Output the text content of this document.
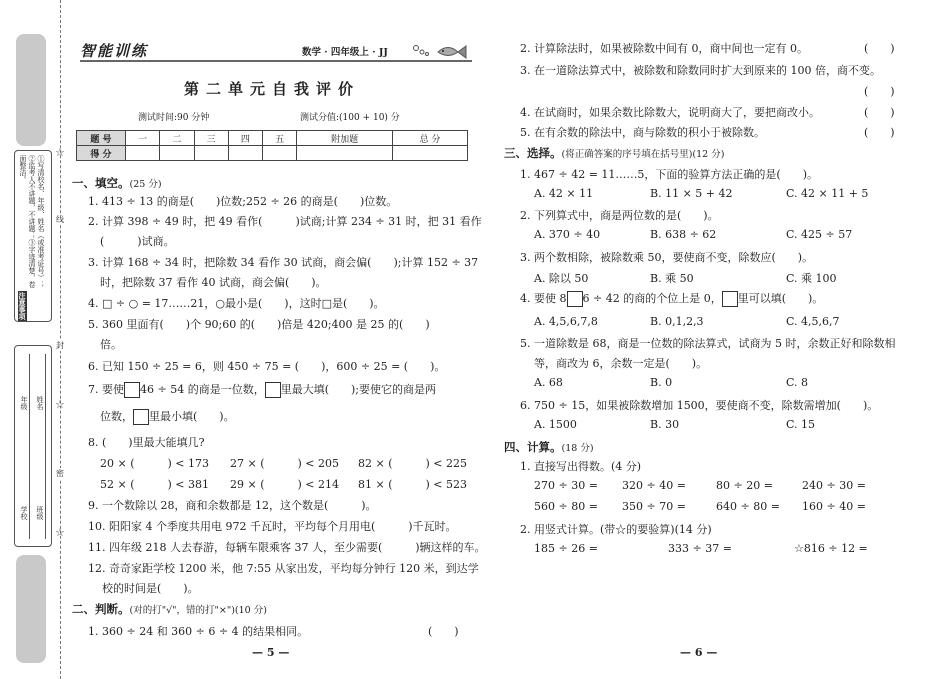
①写清校名、年级、姓名（或准考证号）；②监考人不讲题，不讲题；③字迹清楚，卷面整洁。
注意事项
学校
年级
班级
姓名
☆
☆
☆
线
封
密
智能训练	数学 · 四年级上 · JJ
第二单元自我评价
测试时间:90 分钟	测试分值:(100 + 10) 分
题 号	一	二	三	四	五	附加题	总 分
得 分							
一、填空。(25 分)
1. 413 ÷ 13 的商是(　　)位数;252 ÷ 26 的商是(　　)位数。
2. 计算 398 ÷ 49 时，把 49 看作(　　　)试商;计算 234 ÷ 31 时，把 31 看作
(　　　)试商。
3. 计算 168 ÷ 34 时，把除数 34 看作 30 试商，商会偏(　　);计算 152 ÷ 37
时，把除数 37 看作 40 试商，商会偏(　　)。
4. □ ÷ ○ = 17……21，○最小是(　　)，这时□是(　　)。
5. 360 里面有(　　)个 90;60 的(　　)倍是 420;400 是 25 的(　　)
倍。
6. 已知 150 ÷ 25 = 6，则 450 ÷ 75 = (　　)，600 ÷ 25 = (　　)。
7. 要使 46 ÷ 54 的商是一位数， 里最大填(　　);要使它的商是两
位数， 里最小填(　　)。
8. (　　)里最大能填几?
20 × (　　　) < 173 27 × (　　　) < 205 82 × (　　　) < 225
52 × (　　　) < 381 29 × (　　　) < 214 81 × (　　　) < 523
9. 一个数除以 28，商和余数都是 12，这个数是(　　　)。
10. 阳阳家 4 个季度共用电 972 千瓦时，平均每个月用电(　　　)千瓦时。
11. 四年级 218 人去春游，每辆车限乘客 37 人，至少需要(　　　)辆这样的车。
12. 奇奇家距学校 1200 米，他 7:55 从家出发，平均每分钟行 120 米，到达学
校的时间是(　　)。
二、判断。(对的打"√"，错的打"×")(10 分)
1. 360 ÷ 24 和 360 ÷ 6 ÷ 4 的结果相同。	(　　)
— 5 —
2. 计算除法时，如果被除数中间有 0，商中间也一定有 0。	(　　)
3. 在一道除法算式中，被除数和除数同时扩大到原来的 100 倍，商不变。
(　　)
4. 在试商时，如果余数比除数大，说明商大了，要把商改小。	(　　)
5. 在有余数的除法中，商与除数的积小于被除数。	(　　)
三、选择。(将正确答案的序号填在括号里)(12 分)
1. 467 ÷ 42 = 11……5，下面的验算方法正确的是(　　)。
A. 42 × 11	B. 11 × 5 + 42	C. 42 × 11 + 5
2. 下列算式中，商是两位数的是(　　)。
A. 370 ÷ 40	B. 638 ÷ 62	C. 425 ÷ 57
3. 两个数相除，被除数乘 50，要使商不变，除数应(　　)。
A. 除以 50	B. 乘 50	C. 乘 100
4. 要使 8 6 ÷ 42 的商的个位上是 0， 里可以填(　　)。
A. 4,5,6,7,8	B. 0,1,2,3	C. 4,5,6,7
5. 一道除数是 68，商是一位数的除法算式，试商为 5 时，余数正好和除数相
等，商改为 6，余数一定是(　　)。
A. 68	B. 0	C. 8
6. 750 ÷ 15，如果被除数增加 1500，要使商不变，除数需增加(　　)。
A. 1500	B. 30	C. 15
四、计算。(18 分)
1. 直接写出得数。(4 分)
270 ÷ 30 = 320 ÷ 40 =	80 ÷ 20 =	240 ÷ 30 =
560 ÷ 80 = 350 ÷ 70 =	640 ÷ 80 = 160 ÷ 40 =
2. 用竖式计算。(带☆的要验算)(14 分)
185 ÷ 26 =	333 ÷ 37 =	☆816 ÷ 12 =
— 6 —
